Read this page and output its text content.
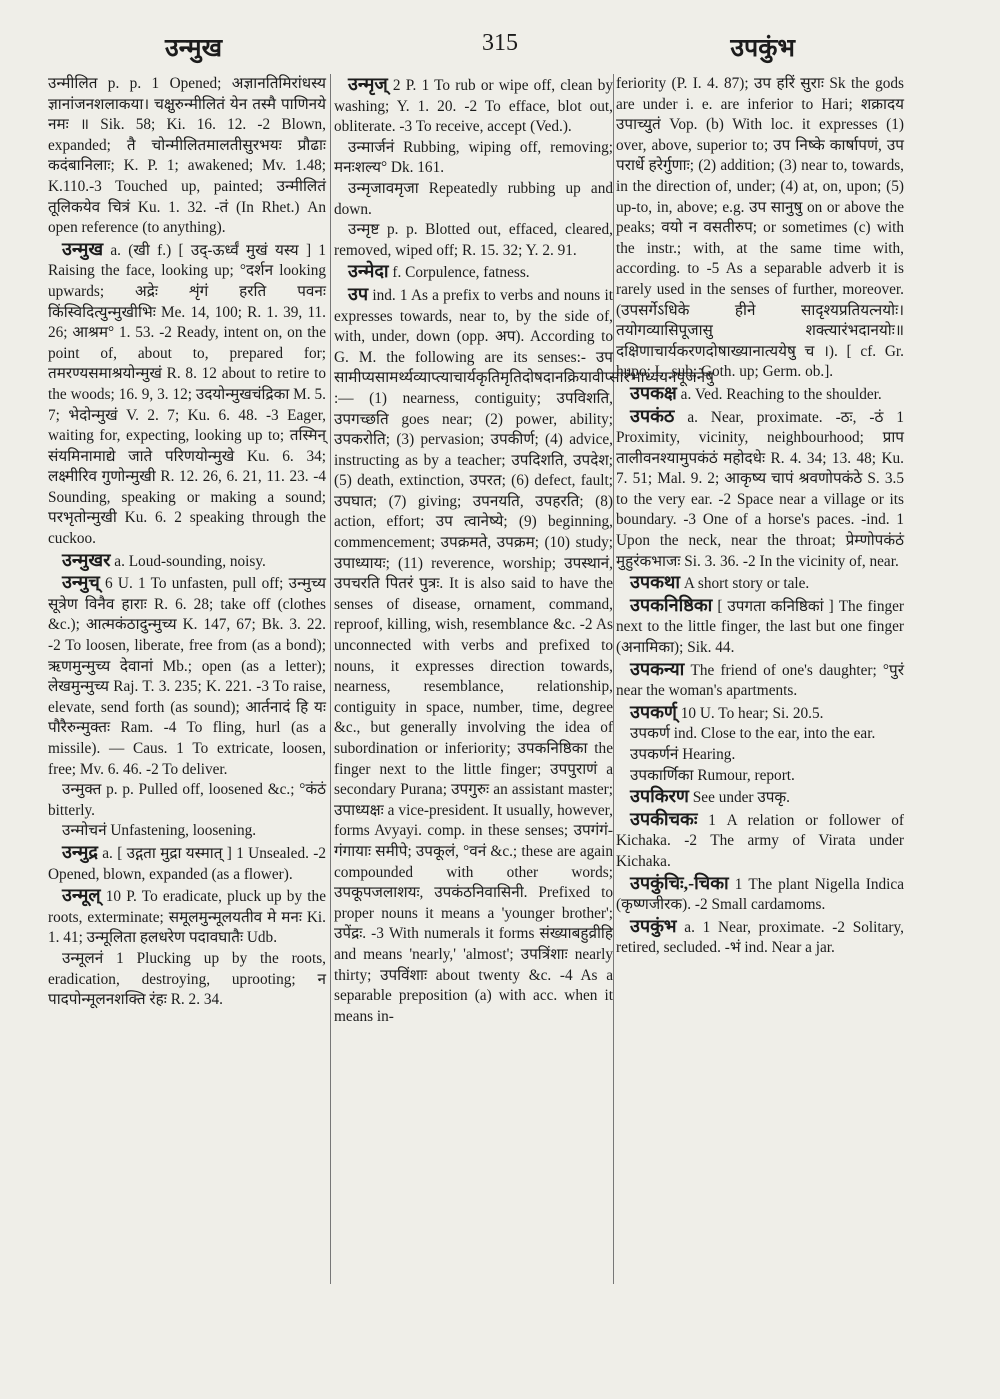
315
उन्मुख	उपकुंभ

उन्मीलित p. p. 1 Opened; अज्ञानतिमिरांधस्य ज्ञानांजनशलाकया। चक्षुरुन्मीलितं येन तस्मै पाणिनये नमः ॥ Sik. 58; Ki. 16. 12. -2 Blown, expanded; तै चोन्मीलितमालतीसुरभयः प्रौढाः कदंबानिलाः; K. P. 1; awakened; Mv. 1.48; K.110.-3 Touched up, painted; उन्मीलितं तूलिकयेव चित्रं Ku. 1. 32. -तं (In Rhet.) An open reference (to anything).

उन्मुख a. (खी f.) [ उद्-ऊर्ध्वं मुखं यस्य ] 1 Raising the face, looking up; °दर्शन looking upwards; अद्रेः शृंगं हरति पवनः किंस्विदित्युन्मुखीभिः Me. 14, 100; R. 1. 39, 11. 26; आश्रम° 1. 53. -2 Ready, intent on, on the point of, about to, prepared for; तमरण्यसमाश्रयोन्मुखं R. 8. 12 about to retire to the woods; 16. 9, 3. 12; उदयोन्मुखचंद्रिका M. 5. 7; भेदोन्मुखं V. 2. 7; Ku. 6. 48. -3 Eager, waiting for, expecting, looking up to; तस्मिन् संयमिनामाद्ये जाते परिणयोन्मुखे Ku. 6. 34; लक्ष्मीरिव गुणोन्मुखी R. 12. 26, 6. 21, 11. 23. -4 Sounding, speaking or making a sound; परभृतोन्मुखी Ku. 6. 2 speaking through the cuckoo.

उन्मुखर a. Loud-sounding, noisy.

उन्मुच् 6 U. 1 To unfasten, pull off; उन्मुच्य सूत्रेण विनैव हाराः R. 6. 28; take off (clothes &c.); आत्मकंठादुन्मुच्य K. 147, 67; Bk. 3. 22. -2 To loosen, liberate, free from (as a bond); ऋणमुन्मुच्य देवानां Mb.; open (as a letter); लेखमुन्मुच्य Raj. T. 3. 235; K. 221. -3 To raise, elevate, send forth (as sound); आर्तनादं हि यः पौरैरुन्मुक्तः Ram. -4 To fling, hurl (as a missile). — Caus. 1 To extricate, loosen, free; Mv. 6. 46. -2 To deliver.

उन्मुक्त p. p. Pulled off, loosened &c.; °कंठं bitterly.

उन्मोचनं Unfastening, loosening.

उन्मुद्र a. [ उद्गता मुद्रा यस्मात् ] 1 Unsealed. -2 Opened, blown, expanded (as a flower).

उन्मूल् 10 P. To eradicate, pluck up by the roots, exterminate; समूलमुन्मूलयतीव मे मनः Ki. 1. 41; उन्मूलिता हलधरेण पदावघातैः Udb.

उन्मूलनं 1 Plucking up by the roots, eradication, destroying, uprooting; न पादपोन्मूलनशक्ति रंहः R. 2. 34.

उन्मृज् 2 P. 1 To rub or wipe off, clean by washing; Y. 1. 20. -2 To efface, blot out, obliterate. -3 To receive, accept (Ved.).

उन्मार्जनं Rubbing, wiping off, removing; मनःशल्य° Dk. 161.

उन्मृजावमृजा Repeatedly rubbing up and down.

उन्मृष्ट p. p. Blotted out, effaced, cleared, removed, wiped off; R. 15. 32; Y. 2. 91.

उन्मेदा f. Corpulence, fatness.

उप ind. 1 As a prefix to verbs and nouns it expresses towards, near to, by the side of, with, under, down (opp. अप). According to G. M. the following are its senses:- उप सामीप्यसामर्थ्यव्याप्त्याचार्यकृतिमृतिदोषदानक्रियावीप्सारंभाध्ययनपूजनेषु :— (1) nearness, contiguity; उपविशति, उपगच्छति goes near; (2) power, ability; उपकरोति; (3) pervasion; उपकीर्ण; (4) advice, instructing as by a teacher; उपदिशति, उपदेश; (5) death, extinction, उपरत; (6) defect, fault; उपघात; (7) giving; उपनयति, उपहरति; (8) action, effort; उप त्वानेष्ये; (9) beginning, commencement; उपक्रमते, उपक्रम; (10) study; उपाध्यायः; (11) reverence, worship; उपस्थानं, उपचरति पितरं पुत्रः. It is also said to have the senses of disease, ornament, command, reproof, killing, wish, resemblance &c. -2 As unconnected with verbs and prefixed to nouns, it expresses direction towards, nearness, resemblance, relationship, contiguity in space, number, time, degree &c., but generally involving the idea of subordination or inferiority; उपकनिष्ठिका the finger next to the little finger; उपपुराणं a secondary Purana; उपगुरुः an assistant master; उपाध्यक्षः a vice-president. It usually, however, forms Avyayi. comp. in these senses; उपगंगं-गंगायाः समीपे; उपकूलं, °वनं &c.; these are again compounded with other words; उपकूपजलाशयः, उपकंठनिवासिनी. Prefixed to proper nouns it means a 'younger brother'; उपेंद्रः. -3 With numerals it forms संख्याबहुव्रीहि and means 'nearly,' 'almost'; उपत्रिंशाः nearly thirty; उपविंशाः about twenty &c. -4 As a separable preposition (a) with acc. when it means in-

feriority (P. I. 4. 87); उप हरिं सुराः Sk the gods are under i. e. are inferior to Hari; शक्रादय उपाच्युतं Vop. (b) With loc. it expresses (1) over, above, superior to; उप निष्के कार्षापणं, उप परार्धे हरेर्गुणाः; (2) addition; (3) near to, towards, in the direction of, under; (4) at, on, upon; (5) up-to, in, above; e.g. उप सानुषु on or above the peaks; वयो न वसतीरुप; or sometimes (c) with the instr.; with, at the same time with, according. to -5 As a separable adverb it is rarely used in the senses of further, moreover. (उपसर्गेऽधिके हीने सादृश्यप्रतियत्नयोः। तयोगव्यासिपूजासु शक्त्यारंभदानयोः॥ दक्षिणाचार्यकरणदोषाख्यानात्ययेषु च ।). [ cf. Gr. hupo; L. sub; Goth. up; Germ. ob.].

उपकक्ष a. Ved. Reaching to the shoulder.

उपकंठ a. Near, proximate. -ठः, -ठं 1 Proximity, vicinity, neighbourhood; प्राप तालीवनश्यामुपकंठं महोदधेः R. 4. 34; 13. 48; Ku. 7. 51; Mal. 9. 2; आकृष्य चापं श्रवणोपकंठे S. 3.5 to the very ear. -2 Space near a village or its boundary. -3 One of a horse's paces. -ind. 1 Upon the neck, near the throat; प्रेम्णोपकंठं मुहुरंकभाजः Si. 3. 36. -2 In the vicinity of, near.

उपकथा A short story or tale.

उपकनिष्ठिका [ उपगता कनिष्ठिकां ] The finger next to the little finger, the last but one finger (अनामिका); Sik. 44.

उपकन्या The friend of one's daughter; °पुरं near the woman's apartments.

उपकर्ण् 10 U. To hear; Si. 20.5.

उपकर्ण ind. Close to the ear, into the ear.

उपकर्णनं Hearing.

उपकार्णिका Rumour, report.

उपकिरण See under उपकृ.

उपकीचकः 1 A relation or follower of Kichaka. -2 The army of Virata under Kichaka.

उपकुंचिः,-चिका 1 The plant Nigella Indica (कृष्णजीरक). -2 Small cardamoms.

उपकुंभ a. 1 Near, proximate. -2 Solitary, retired, secluded. -भं ind. Near a jar.
